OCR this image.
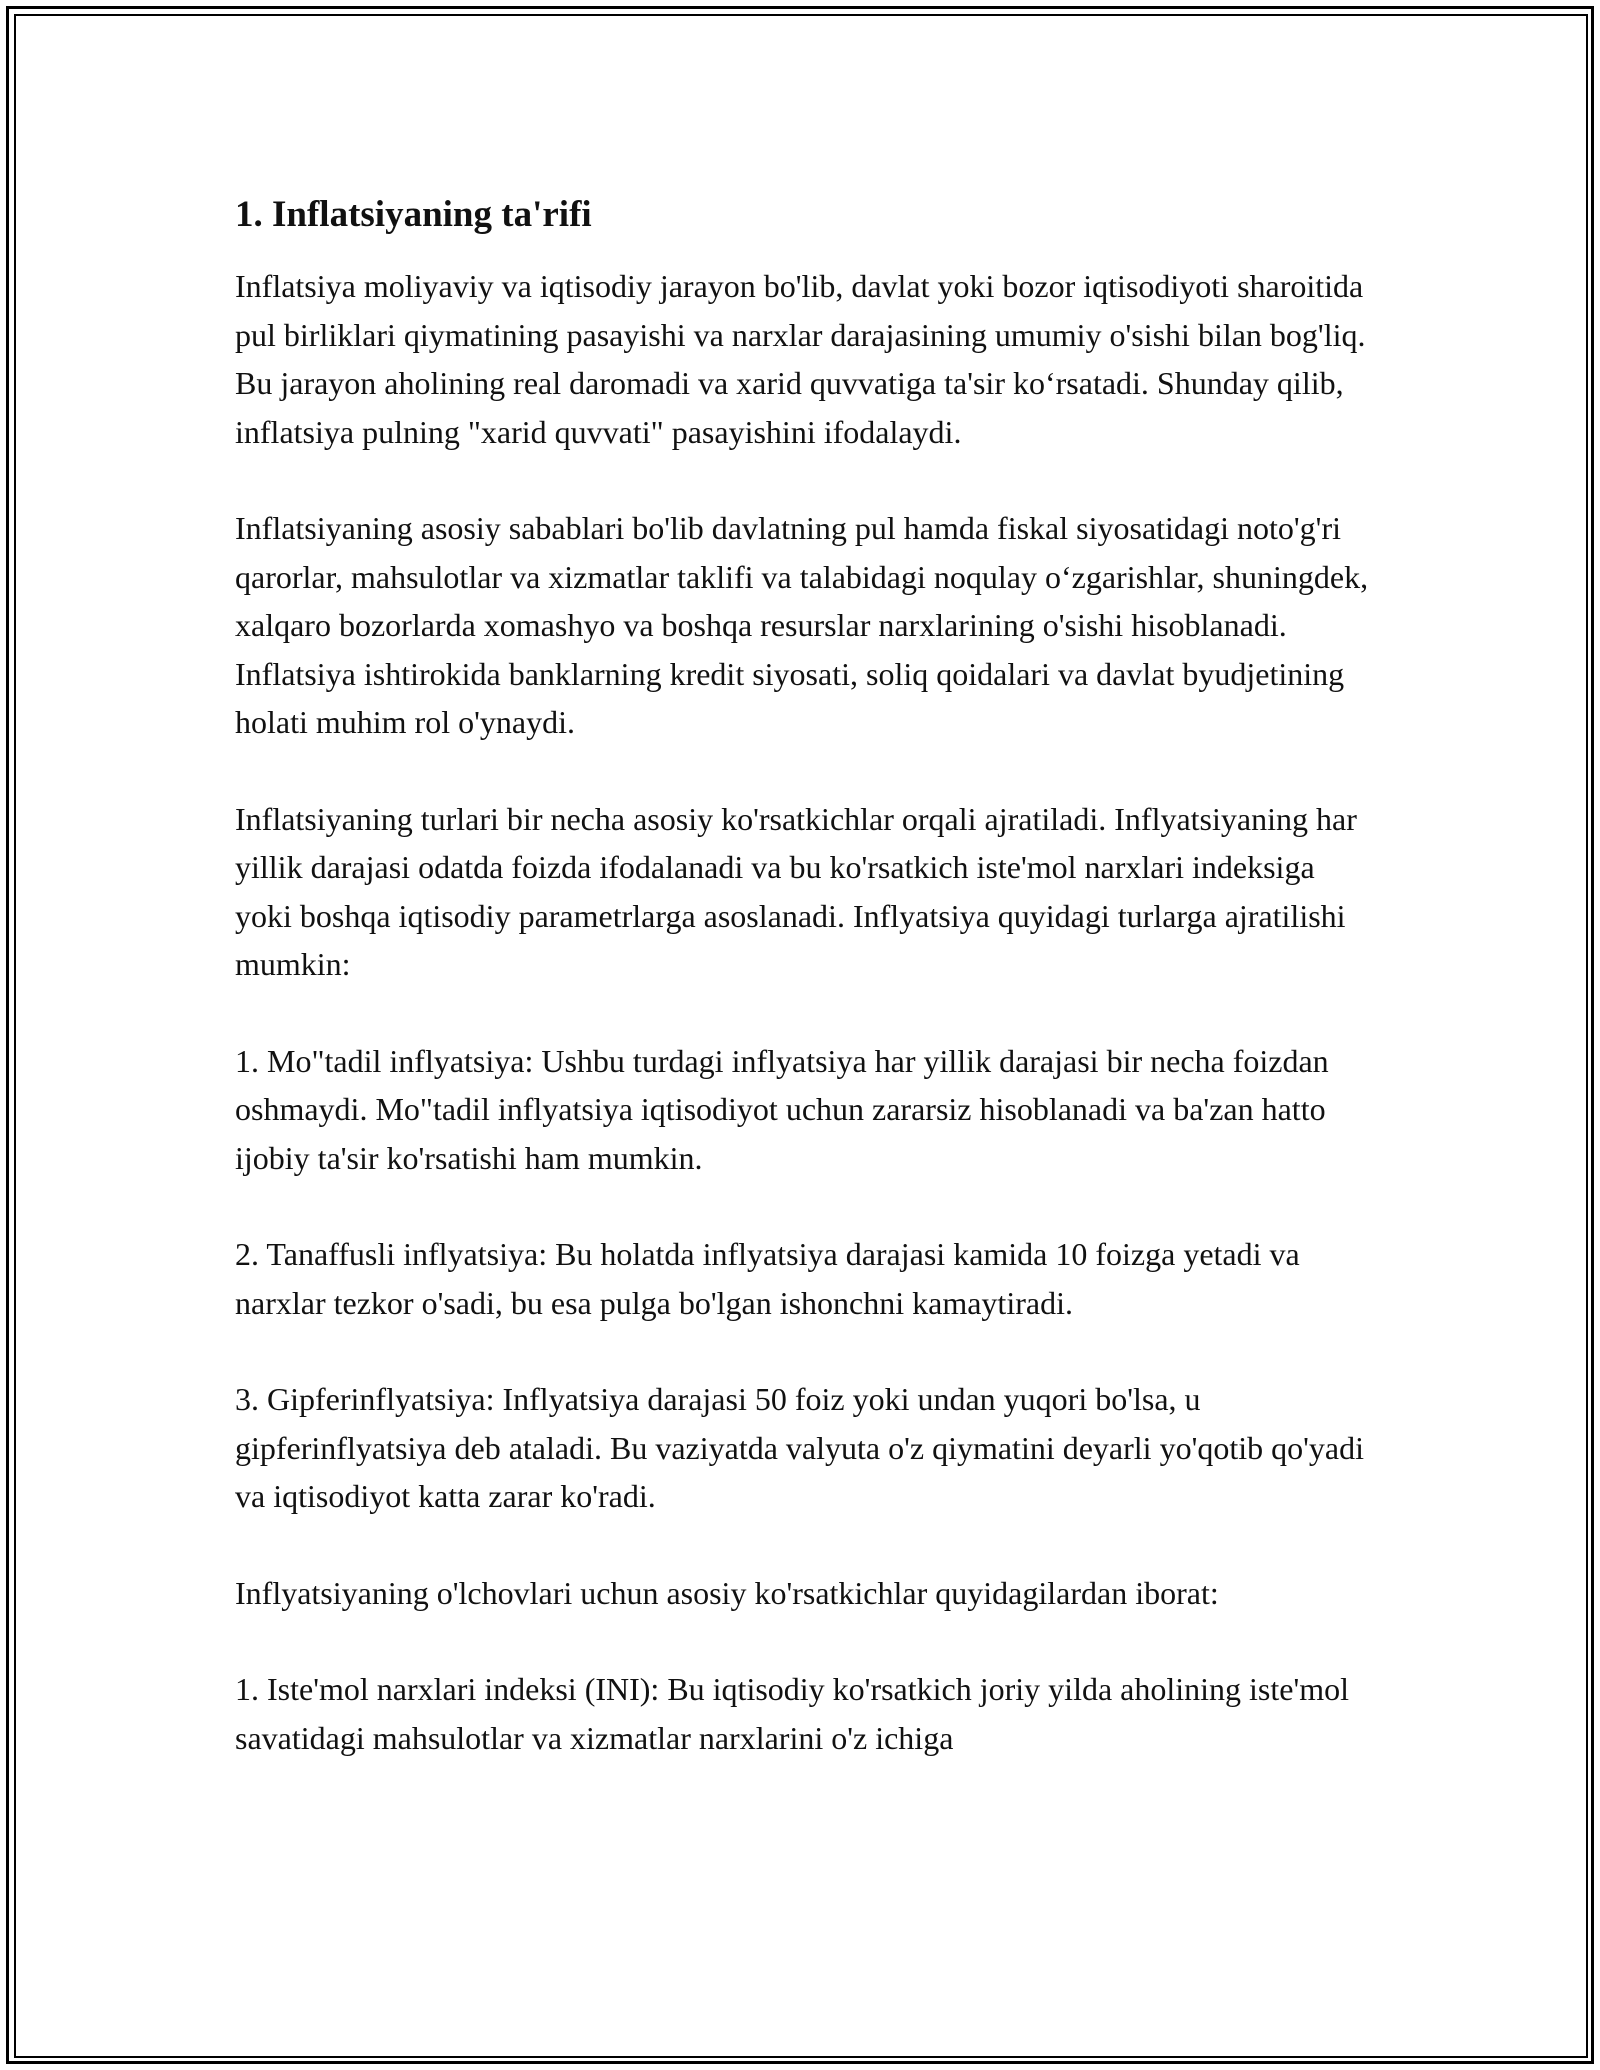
1. Inflatsiyaning ta'rifi

Inflatsiya moliyaviy va iqtisodiy jarayon bo'lib, davlat yoki bozor iqtisodiyoti sharoitida pul birliklari qiymatining pasayishi va narxlar darajasining umumiy o'sishi bilan bog'liq. Bu jarayon aholining real daromadi va xarid quvvatiga ta'sir ko‘rsatadi. Shunday qilib, inflatsiya pulning "xarid quvvati" pasayishini ifodalaydi.

Inflatsiyaning asosiy sabablari bo'lib davlatning pul hamda fiskal siyosatidagi noto'g'ri qarorlar, mahsulotlar va xizmatlar taklifi va talabidagi noqulay o‘zgarishlar, shuningdek, xalqaro bozorlarda xomashyo va boshqa resurslar narxlarining o'sishi hisoblanadi. Inflatsiya ishtirokida banklarning kredit siyosati, soliq qoidalari va davlat byudjetining holati muhim rol o'ynaydi.

Inflatsiyaning turlari bir necha asosiy ko'rsatkichlar orqali ajratiladi. Inflyatsiyaning har yillik darajasi odatda foizda ifodalanadi va bu ko'rsatkich iste'mol narxlari indeksiga yoki boshqa iqtisodiy parametrlarga asoslanadi. Inflyatsiya quyidagi turlarga ajratilishi mumkin:

1. Mo"tadil inflyatsiya: Ushbu turdagi inflyatsiya har yillik darajasi bir necha foizdan oshmaydi. Mo"tadil inflyatsiya iqtisodiyot uchun zararsiz hisoblanadi va ba'zan hatto ijobiy ta'sir ko'rsatishi ham mumkin.

2. Tanaffusli inflyatsiya: Bu holatda inflyatsiya darajasi kamida 10 foizga yetadi va narxlar tezkor o'sadi, bu esa pulga bo'lgan ishonchni kamaytiradi.

3. Gipferinflyatsiya: Inflyatsiya darajasi 50 foiz yoki undan yuqori bo'lsa, u gipferinflyatsiya deb ataladi. Bu vaziyatda valyuta o'z qiymatini deyarli yo'qotib qo'yadi va iqtisodiyot katta zarar ko'radi.

Inflyatsiyaning o'lchovlari uchun asosiy ko'rsatkichlar quyidagilardan iborat:

1. Iste'mol narxlari indeksi (INI): Bu iqtisodiy ko'rsatkich joriy yilda aholining iste'mol savatidagi mahsulotlar va xizmatlar narxlarini o'z ichiga
